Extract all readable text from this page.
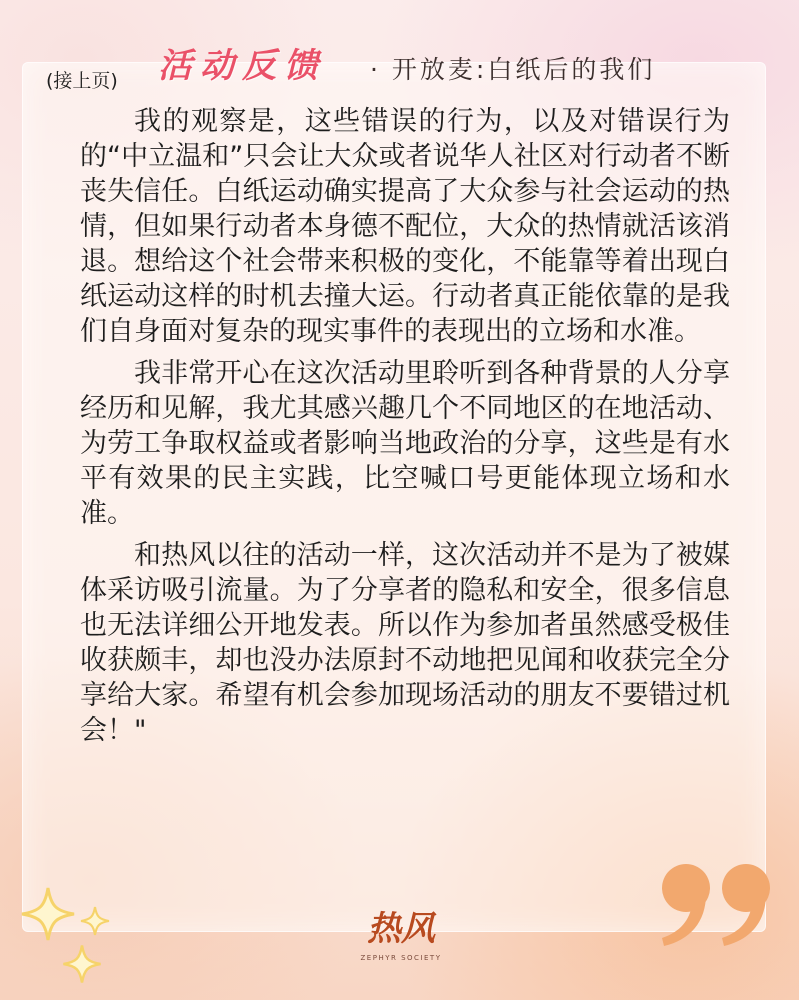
(接上页) 活动反馈 · 开放麦:白纸后的我们

我的观察是，这些错误的行为，以及对错误行为的“中立温和”只会让大众或者说华人社区对行动者不断丧失信任。白纸运动确实提高了大众参与社会运动的热情，但如果行动者本身德不配位，大众的热情就活该消退。想给这个社会带来积极的变化，不能靠等着出现白纸运动这样的时机去撞大运。行动者真正能依靠的是我们自身面对复杂的现实事件的表现出的立场和水准。

我非常开心在这次活动里聆听到各种背景的人分享经历和见解，我尤其感兴趣几个不同地区的在地活动、为劳工争取权益或者影响当地政治的分享，这些是有水平有效果的民主实践，比空喊口号更能体现立场和水准。

和热风以往的活动一样，这次活动并不是为了被媒体采访吸引流量。为了分享者的隐私和安全，很多信息也无法详细公开地发表。所以作为参加者虽然感受极佳收获颇丰，却也没办法原封不动地把见闻和收获完全分享给大家。希望有机会参加现场活动的朋友不要错过机会！"

热风
ZEPHYR SOCIETY
